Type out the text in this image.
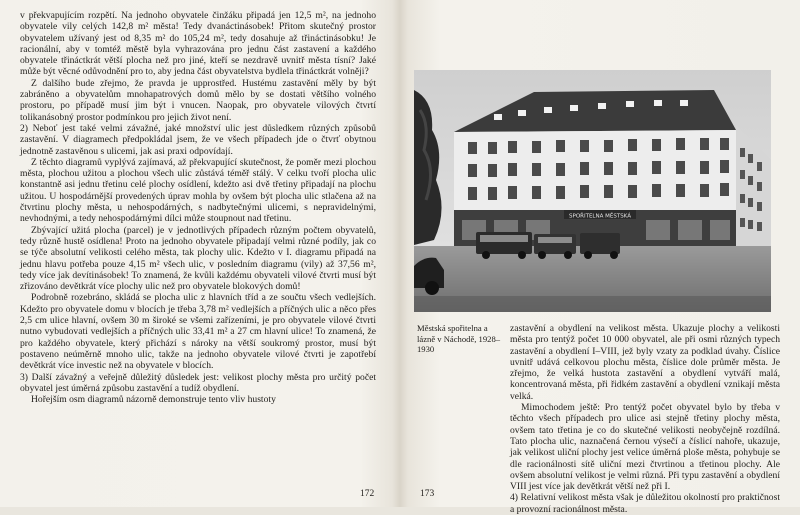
v překvapujícím rozpětí. Na jednoho obyvatele činžáku připadá jen 12,5 m², na jednoho obyvatele vily celých 142,8 m² města! Tedy dvanáctinásobek! Přitom skutečný prostor obyvatelem užívaný jest od 8,35 m² do 105,24 m², tedy dosahuje až třináctinásobku! Je racionální, aby v tomtéž městě byla vyhrazována pro jednu část zastavení a každého obyvatele třináctkrát větší plocha než pro jiné, kteří se nezdravě uvnitř města tísní? Jaké může být věcné odůvodnění pro to, aby jedna část obyvatelstva bydlela třináctkrát volněji?

Z dalšího bude zřejmo, že pravda je upprostřed. Hustému zastavění měly by být zabráněno a obyvatelům mnohapatrových domů mělo by se dostati většího volného prostoru, po případě musí jim být i vnucen. Naopak, pro obyvatele vilových čtvrtí tolikanásobný prostor podmínkou pro jejich život není.

2) Neboť jest také velmi závažné, jaké množství ulic jest důsledkem různých způsobů zastavění. V diagramech předpokládal jsem, že ve všech případech jde o čtvrť obytnou jednotně zastavěnou s ulicemi, jak asi praxi odpovídají.

Z těchto diagramů vyplývá zajímavá, až překvapující skutečnost, že poměr mezi plochou města, plochou užitou a plochou všech ulic zůstává téměř stálý. V celku tvoří plocha ulic konstantně asi jednu třetinu celé plochy osídlení, kdežto asi dvě třetiny připadají na plochu užitou. U hospodárnější provedených úprav mohla by ovšem být plocha ulic stlačena až na čtvrtinu plochy města, u nehospodárných, s nadbytečnými ulicemi, s nepravidelnými, nevhodnými, a tedy nehospodárnými dílci může stoupnout nad třetinu.

Zbývající užitá plocha (parcel) je v jednotlivých případech různým počtem obyvatelů, tedy různě hustě osídlena! Proto na jednoho obyvatele připadají velmi různé podíly, jak co se týče absolutní velikosti celého města, tak plochy ulic. Kdežto v I. diagramu připadá na jednu hlavu potřeba pouze 4,15 m² všech ulic, v posledním diagramu (vily) až 37,56 m², tedy více jak devítinásobek! To znamená, že kvůli každému obyvateli vilové čtvrti musí být zřizováno devětkrát více plochy ulic než pro obyvatele blokových domů!

Podrobně rozebráno, skládá se plocha ulic z hlavních tříd a ze součtu všech vedlejších. Kdežto pro obyvatele domu v blocích je třeba 3,78 m² vedlejších a příčných ulic a něco přes 2,5 cm ulice hlavní, ovšem 30 m široké se všemi zařízeními, je pro obyvatele vilové čtvrti nutno vybudovati vedlejších a příčných ulic 33,41 m² a 27 cm hlavní ulice! To znamená, že pro každého obyvatele, který přichází s nároky na větší soukromý prostor, musí být postaveno neúměrně mnoho ulic, takže na jednoho obyvatele vilové čtvrti je zapotřebí devětkrát více investic než na obyvatele v blocích.

3) Další závažný a veřejně důležitý důsledek jest: velikost plochy města pro určitý počet obyvatel jest úměrná způsobu zastavění a tudíž obydlení.

Hořejším osm diagramů názorně demonstruje tento vliv hustoty

172
SPOŘITELNA MĚSTSKÁ
Městská spořitelna a lázně v Náchodě, 1928–1930

zastavění a obydlení na velikost města. Ukazuje plochy a velikosti města pro tentýž počet 10 000 obyvatel, ale při osmi různých typech zastavění a obydlení I–VIII, jež byly vzaty za podklad úvahy. Číslice uvnitř udává celkovou plochu města, číslice dole průměr města. Je zřejmo, že velká hustota zastavění a obydlení vytváří malá, koncentrovaná města, při řidkém zastavění a obydlení vznikají města velká.

Mimochodem ještě: Pro tentýž počet obyvatel bylo by třeba v těchto všech případech pro ulice asi stejně třetiny plochy města, ovšem tato třetina je co do skutečné velikosti neobyčejně rozdílná. Tato plocha ulic, naznačená černou výsečí a číslicí nahoře, ukazuje, jak velikost uliční plochy jest velice úměrná ploše města, pohybuje se dle racionálnosti sítě uliční mezi čtvrtinou a třetinou plochy. Ale ovšem absolutní velikost je velmi různá. Při typu zastavění a obydlení VIII jest více jak devětkrát větší než při I.

4) Relativní velikost města však je důležitou okolností pro praktičnost a provozní racionálnost města.

173
